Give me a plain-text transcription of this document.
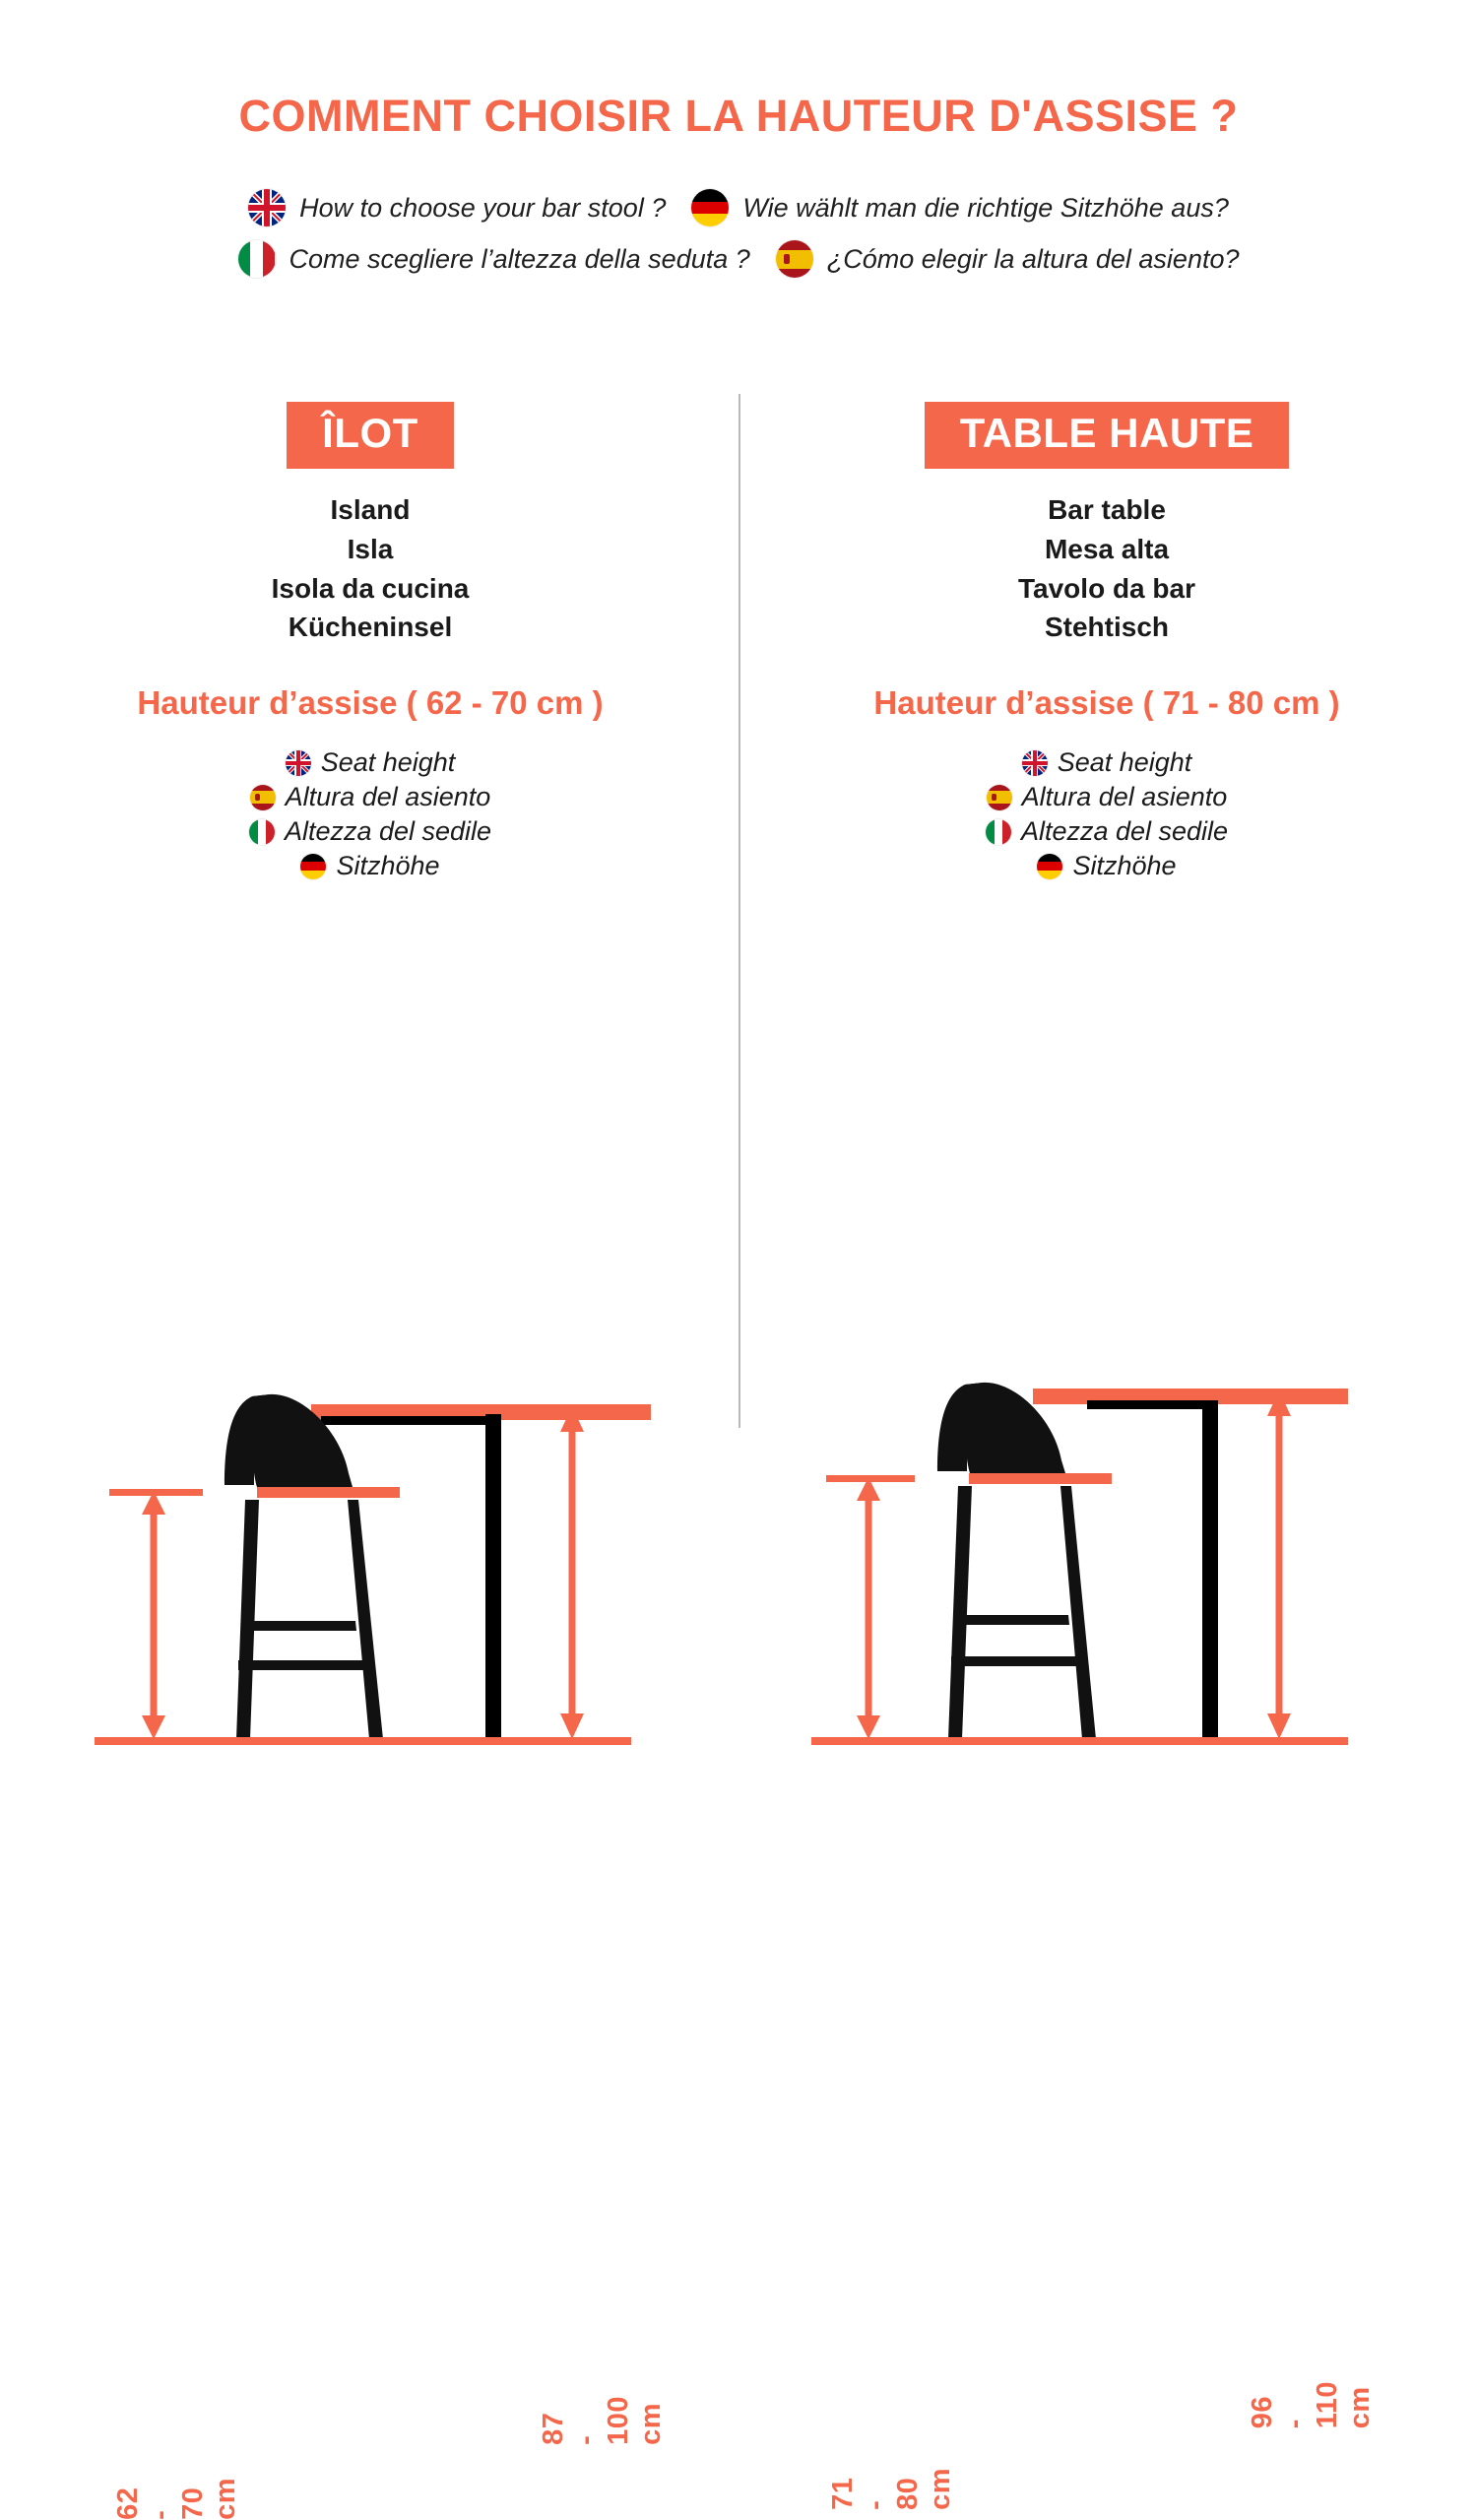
COMMENT CHOISIR LA HAUTEUR D'ASSISE ?
How to choose your bar stool ?	Wie wählt man die richtige Sitzhöhe aus?
Come scegliere l’altezza della seduta ?	¿Cómo elegir la altura del asiento?
ÎLOT
Island
Isla
Isola da cucina
Kücheninsel
Hauteur d’assise ( 62 - 70 cm )
Seat height
Altura del asiento
Altezza del sedile
Sitzhöhe
62 - 70 cm
87 - 100 cm
TABLE HAUTE
Bar table
Mesa alta
Tavolo da bar
Stehtisch
Hauteur d’assise ( 71 - 80 cm )
Seat height
Altura del asiento
Altezza del sedile
Sitzhöhe
71 - 80 cm
96 - 110 cm
